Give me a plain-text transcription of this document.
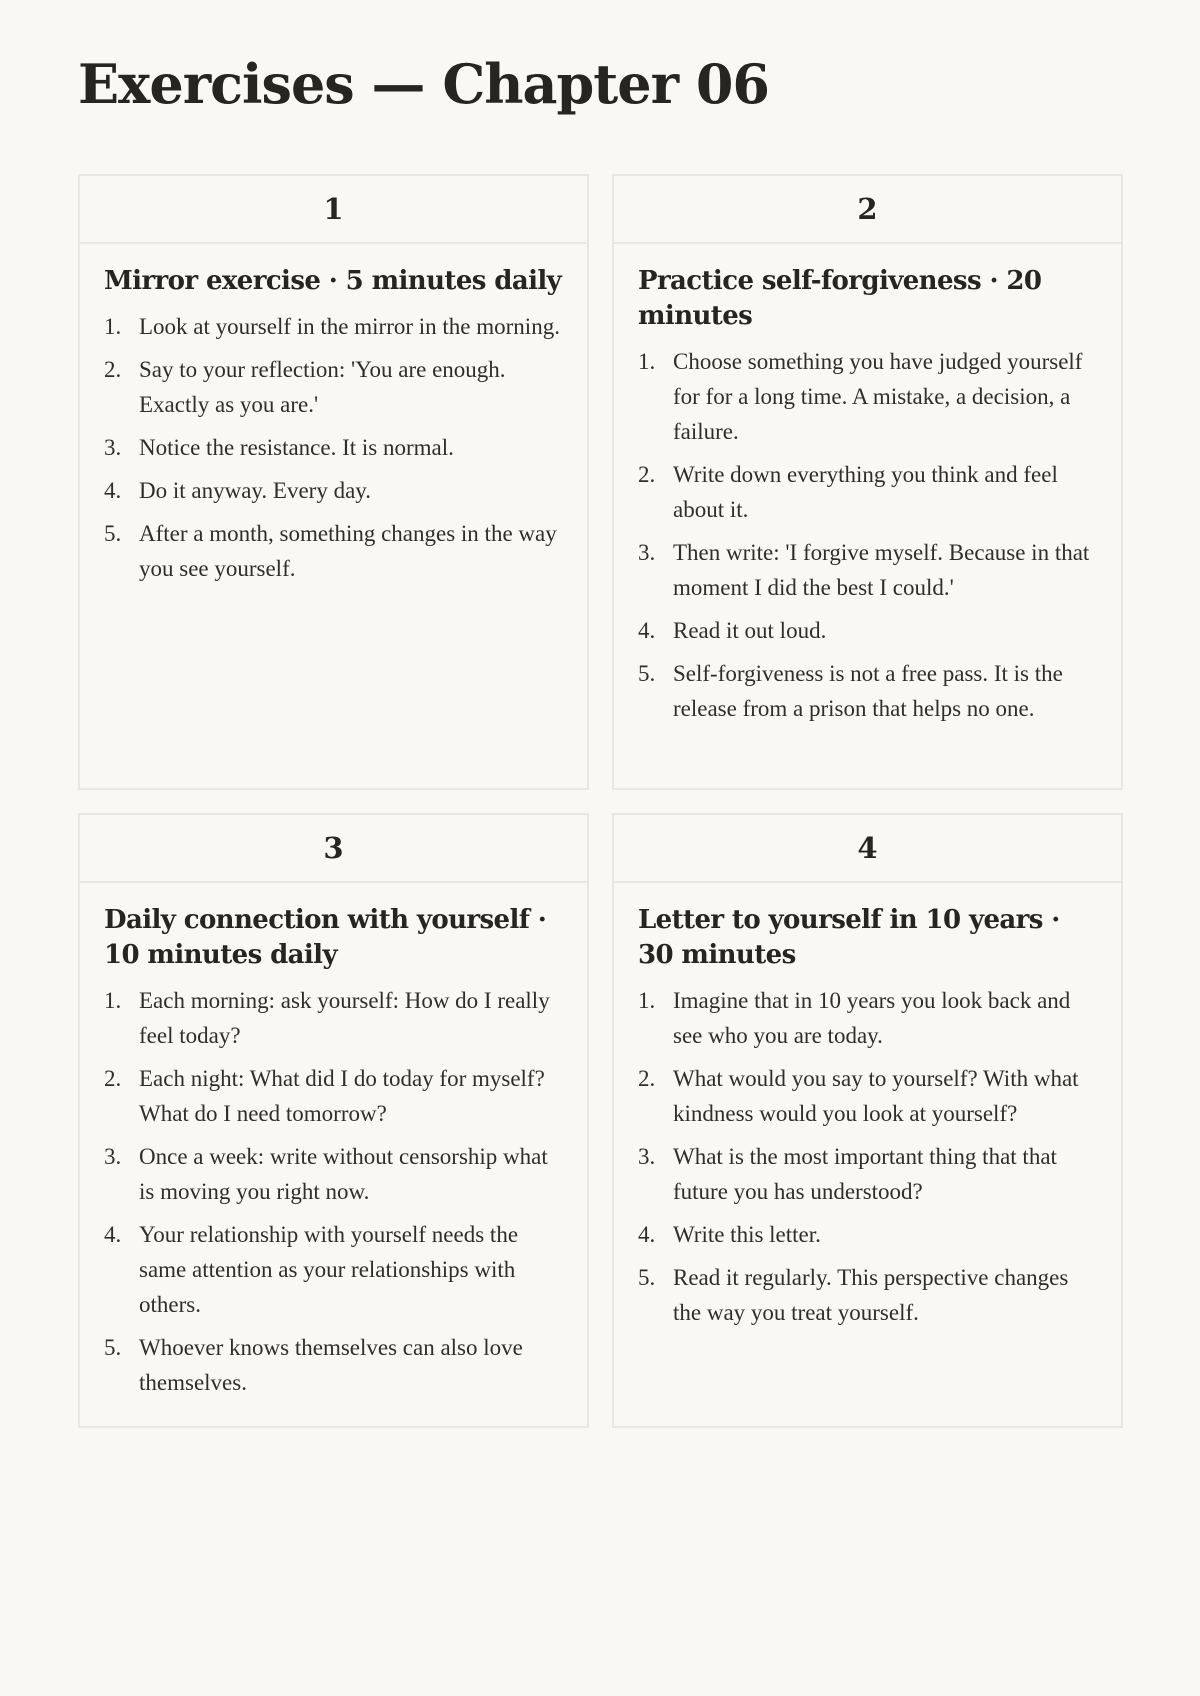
Exercises — Chapter 06
1
Mirror exercise · 5 minutes daily
1. Look at yourself in the mirror in the morning.
2. Say to your reflection: 'You are enough. Exactly as you are.'
3. Notice the resistance. It is normal.
4. Do it anyway. Every day.
5. After a month, something changes in the way you see yourself.
2
Practice self-forgiveness · 20 minutes
1. Choose something you have judged yourself for for a long time. A mistake, a decision, a failure.
2. Write down everything you think and feel about it.
3. Then write: 'I forgive myself. Because in that moment I did the best I could.'
4. Read it out loud.
5. Self-forgiveness is not a free pass. It is the release from a prison that helps no one.
3
Daily connection with yourself · 10 minutes daily
1. Each morning: ask yourself: How do I really feel today?
2. Each night: What did I do today for myself? What do I need tomorrow?
3. Once a week: write without censorship what is moving you right now.
4. Your relationship with yourself needs the same attention as your relationships with others.
5. Whoever knows themselves can also love themselves.
4
Letter to yourself in 10 years · 30 minutes
1. Imagine that in 10 years you look back and see who you are today.
2. What would you say to yourself? With what kindness would you look at yourself?
3. What is the most important thing that that future you has understood?
4. Write this letter.
5. Read it regularly. This perspective changes the way you treat yourself.
